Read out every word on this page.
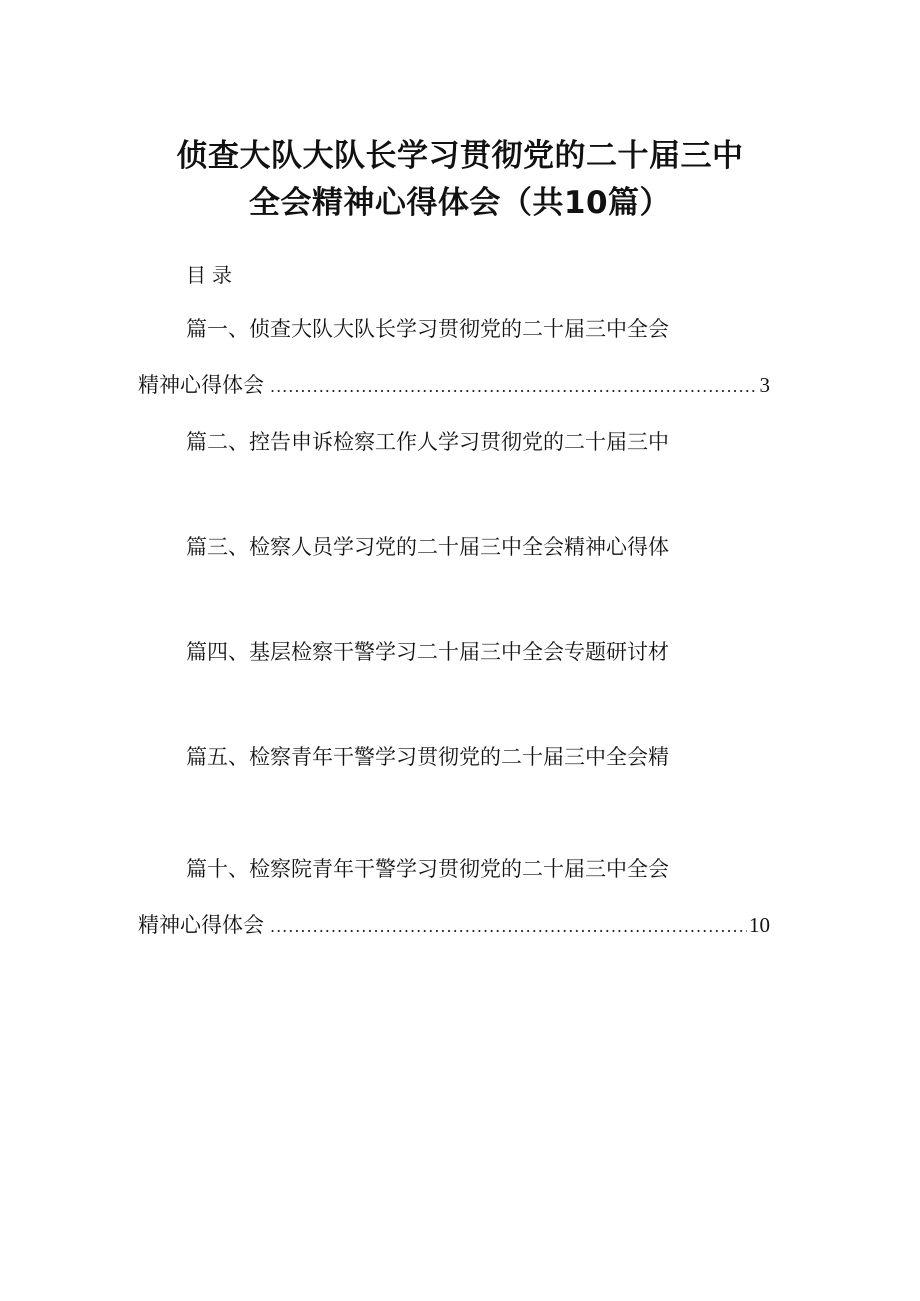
侦查大队大队长学习贯彻党的二十届三中
全会精神心得体会（共10篇）
目录
篇一、侦查大队大队长学习贯彻党的二十届三中全会
精神心得体会 .....	3
篇二、控告申诉检察工作人学习贯彻党的二十届三中
篇三、检察人员学习党的二十届三中全会精神心得体
篇四、基层检察干警学习二十届三中全会专题研讨材
篇五、检察青年干警学习贯彻党的二十届三中全会精
篇十、检察院青年干警学习贯彻党的二十届三中全会
精神心得体会 .....	10
